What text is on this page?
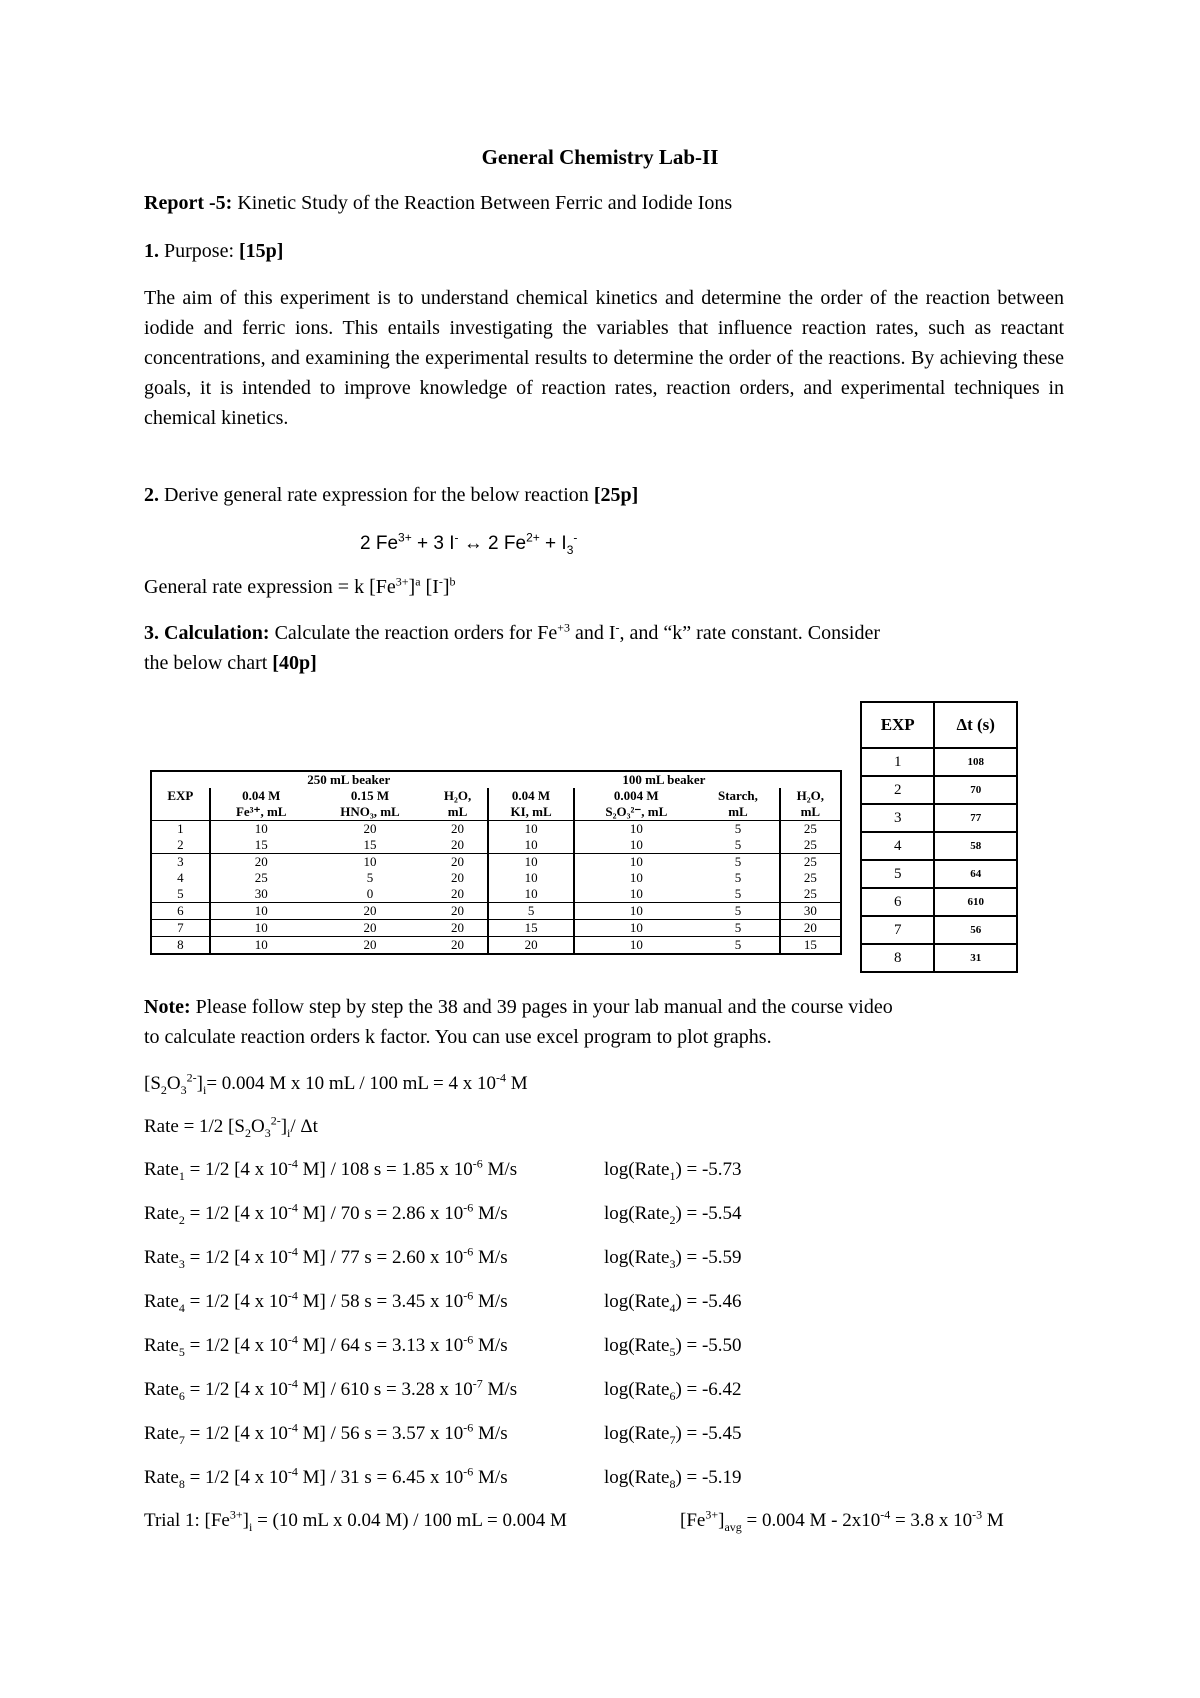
General Chemistry Lab-II
Report -5: Kinetic Study of the Reaction Between Ferric and Iodide Ions
1. Purpose: [15p]
The aim of this experiment is to understand chemical kinetics and determine the order of the reaction between iodide and ferric ions. This entails investigating the variables that influence reaction rates, such as reactant concentrations, and examining the experimental results to determine the order of the reactions. By achieving these goals, it is intended to improve knowledge of reaction rates, reaction orders, and experimental techniques in chemical kinetics.
2. Derive general rate expression for the below reaction [25p]
2 $Fe^{3+} + 3$ I- ↔ 2 $Fe^{2+} + I_3^-$
General rate expression = k $[Fe^{3+}]^a$ $[I^-]^b$
3. Calculation: Calculate the reaction orders for $Fe^{+3}$ and I-, and “k” rate constant. Consider
the below chart [40p]
	250 mL beaker			100 mL beaker			
EXP	0.04 M	0.15 M	H₂O,	0.04 M	0.004 M	Starch,	H₂O,
	Fe³⁺, mL	HNO₃, mL	mL	KI, mL	S₂O₃²⁻, mL	mL	mL
1	10	20	20	10	10	5	25
2	15	15	20	10	10	5	25
3	20	10	20	10	10	5	25
4	25	5	20	10	10	5	25
5	30	0	20	10	10	5	25
6	10	20	20	5	10	5	30
7	10	20	20	15	10	5	20
8	10	20	20	20	10	5	15
EXP	Δt (s)
1	108
2	70
3	77
4	58
5	64
6	610
7	56
8	31
Note: Please follow step by step the 38 and 39 pages in your lab manual and the course video
to calculate reaction orders k factor. You can use excel program to plot graphs.
$[S_2O_3^{2-}]_i= 0.004$ M x 10 mL / 100 mL = 4 x $10^{-4}$ M
Rate = 1/2 $[S_2O_3^{2-}]_i/$ Δt
Rate$_1$ = 1/2 [4 x $10^{-4}$ M] / 108 s = 1.85 x $10^{-6}$ M/s	log(Rate$_1$) = -5.73
Rate$_2$ = 1/2 [4 x $10^{-4}$ M] / 70 s = 2.86 x $10^{-6}$ M/s	log(Rate$_2$) = -5.54
Rate$_3$ = 1/2 [4 x $10^{-4}$ M] / 77 s = 2.60 x $10^{-6}$ M/s	log(Rate$_3$) = -5.59
Rate$_4$ = 1/2 [4 x $10^{-4}$ M] / 58 s = 3.45 x $10^{-6}$ M/s	log(Rate$_4$) = -5.46
Rate$_5$ = 1/2 [4 x $10^{-4}$ M] / 64 s = 3.13 x $10^{-6}$ M/s	log(Rate$_5$) = -5.50
Rate$_6$ = 1/2 [4 x $10^{-4}$ M] / 610 s = 3.28 x $10^{-7}$ M/s	log(Rate$_6$) = -6.42
Rate$_7$ = 1/2 [4 x $10^{-4}$ M] / 56 s = 3.57 x $10^{-6}$ M/s	log(Rate$_7$) = -5.45
Rate$_8$ = 1/2 [4 x $10^{-4}$ M] / 31 s = 6.45 x $10^{-6}$ M/s	log(Rate$_8$) = -5.19
Trial 1: $[Fe^{3+}]_i = (10$ mL x 0.04 M) / 100 mL = 0.004 M	$[Fe^{3+}]_{avg} = 0.004$ $M - 2x10^{-4} = 3.8$ x $10^{-3}$ M
